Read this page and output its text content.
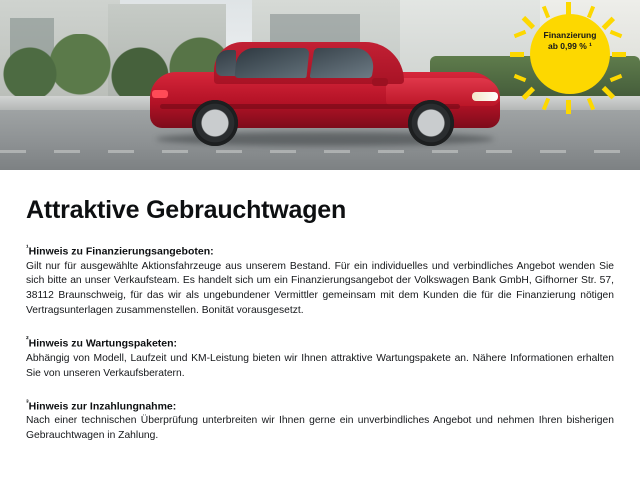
Finanzierung
ab 0,99 % ¹
Attraktive Gebrauchtwagen

$^{^1}$Hinweis zu Finanzierungsangeboten:

Gilt nur für ausgewählte Aktionsfahrzeuge aus unserem Bestand. Für ein individuelles und verbindliches Angebot wenden Sie sich bitte an unser Verkaufsteam. Es handelt sich um ein Finanzierungsangebot der Volkswagen Bank GmbH, Gifhorner Str. 57, 38112 Braunschweig, für das wir als ungebundener Vermittler gemeinsam mit dem Kunden die für die Finanzierung nötigen Vertragsunterlagen zusammenstellen. Bonität vorausgesetzt.

$^{^2}$Hinweis zu Wartungspaketen:

Abhängig von Modell, Laufzeit und KM-Leistung bieten wir Ihnen attraktive Wartungspakete an. Nähere Informationen erhalten Sie von unseren Verkaufsberatern.

$^{^3}$Hinweis zur Inzahlungnahme:

Nach einer technischen Überprüfung unterbreiten wir Ihnen gerne ein unverbindliches Angebot und nehmen Ihren bisherigen Gebrauchtwagen in Zahlung.
